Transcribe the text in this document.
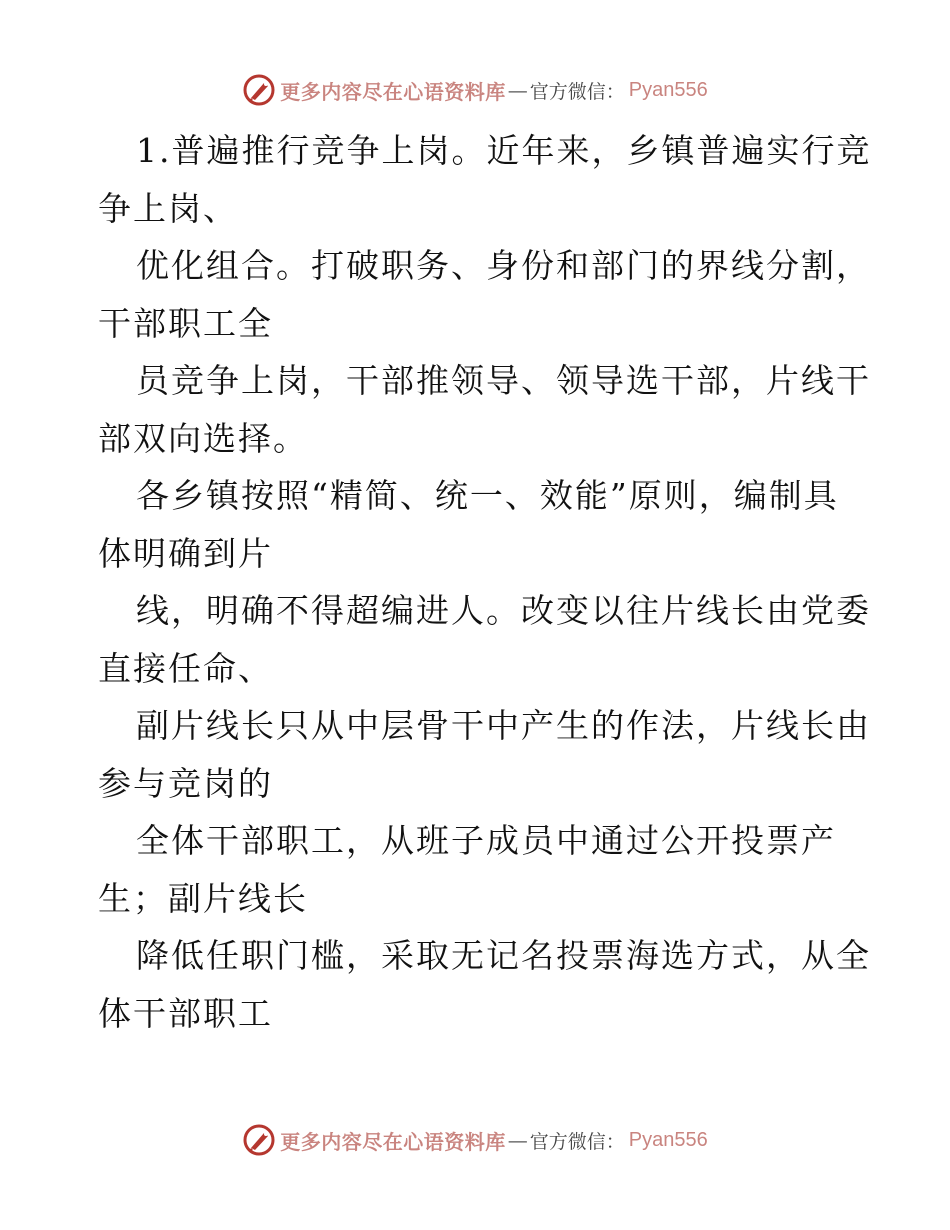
更多内容尽在心语资料库 — 官方微信： Pyan556
1.普遍推行竞争上岗。近年来，乡镇普遍实行竞
争上岗、
优化组合。打破职务、身份和部门的界线分割，
干部职工全
员竞争上岗，干部推领导、领导选干部，片线干
部双向选择。
各乡镇按照“精简、统一、效能”原则，编制具
体明确到片
线，明确不得超编进人。改变以往片线长由党委
直接任命、
副片线长只从中层骨干中产生的作法，片线长由
参与竞岗的
全体干部职工，从班子成员中通过公开投票产
生；副片线长
降低任职门槛，采取无记名投票海选方式，从全
体干部职工
更多内容尽在心语资料库 — 官方微信： Pyan556
